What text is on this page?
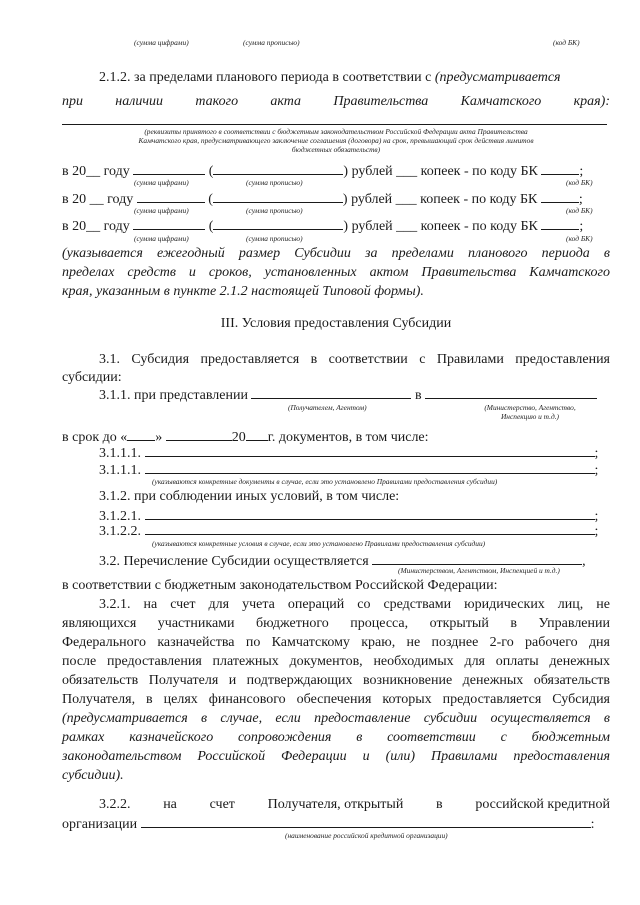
(сумма цифрами)	(сумма прописью)	(код БК)
2.1.2. за пределами планового периода в соответствии с (предусматривается
при наличии такого акта Правительства Камчатского края):
(реквизиты принятого в соответствии с бюджетным законодательством Российской Федерации акта Правительства
Камчатского края, предусматривающего заключение соглашения (договора) на срок, превышающий срок действия лимитов
бюджетных обязательств)
в 20__ году	(	) рублей ___ копеек - по коду БК	;
(сумма цифрами)	(сумма прописью)	(код БК)
в 20 __ году	(	) рублей ___ копеек - по коду БК	;
(сумма цифрами)	(сумма прописью)	(код БК)
в 20__ году	(	) рублей ___ копеек - по коду БК	;
(сумма цифрами)	(сумма прописью)	(код БК)
(указывается ежегодный размер Субсидии за пределами планового периода в
пределах средств и сроков, установленных актом Правительства Камчатского
края, указанным в пункте 2.1.2 настоящей Типовой формы).
III. Условия предоставления Субсидии
3.1. Субсидия предоставляется в соответствии с Правилами предоставления
субсидии:
3.1.1. при представлении	в
(Получателем, Агентом)	(Министерство, Агентство,
Инспекцию и т.д.)
в срок до « »	20 г. документов, в том числе:
3.1.1.1.	;
3.1.1.1.	;
(указываются конкретные документы в случае, если это установлено Правилами предоставления субсидии)
3.1.2. при соблюдении иных условий, в том числе:
3.1.2.1.	;
3.1.2.2.	;
(указываются конкретные условия в случае, если это установлено Правилами предоставления субсидии)
3.2. Перечисление Субсидии осуществляется	,
(Министерством, Агентством, Инспекцией и т.д.)
в соответствии с бюджетным законодательством Российской Федерации:
3.2.1. на счет для учета операций со средствами юридических лиц, не
являющихся участниками бюджетного процесса, открытый в Управлении
Федерального казначейства по Камчатскому краю, не позднее 2-го рабочего дня
после предоставления платежных документов, необходимых для оплаты денежных
обязательств Получателя и подтверждающих возникновение денежных обязательств
Получателя, в целях финансового обеспечения которых предоставляется Субсидия
(предусматривается в случае, если предоставление субсидии осуществляется в
рамках казначейского сопровождения в соответствии с бюджетным
законодательством Российской Федерации и (или) Правилами предоставления
субсидии).
3.2.2. на счет Получателя, открытый в российской кредитной
организации	:
(наименование российской кредитной организации)
